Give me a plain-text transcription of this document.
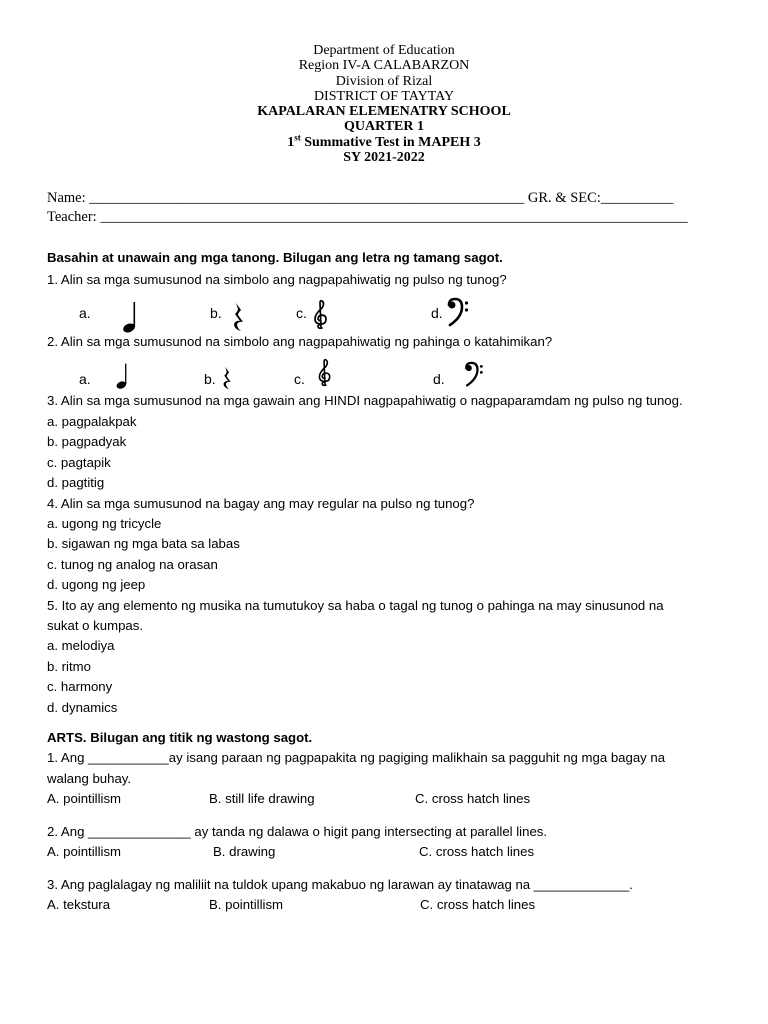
Department of Education
Region IV-A CALABARZON
Division of Rizal
DISTRICT OF TAYTAY
KAPALARAN ELEMENATRY SCHOOL
QUARTER 1
1st Summative Test in MAPEH 3
SY 2021-2022
Name: ____________________________________________________________ GR. & SEC:__________
Teacher: _________________________________________________________________________________
Basahin at unawain ang mga tanong. Bilugan ang letra ng tamang sagot.
1. Alin sa mga sumusunod na simbolo ang nagpapahiwatig ng pulso ng tunog?
a.	b.	c.	d.
2. Alin sa mga sumusunod na simbolo ang nagpapahiwatig ng pahinga o katahimikan?
a.	b.	c.	d.
3. Alin sa mga sumusunod na mga gawain ang HINDI nagpapahiwatig o nagpaparamdam ng pulso ng tunog.
a. pagpalakpak
b. pagpadyak
c. pagtapik
d. pagtitig
4. Alin sa mga sumusunod na bagay ang may regular na pulso ng tunog?
a. ugong ng tricycle
b. sigawan ng mga bata sa labas
c. tunog ng analog na orasan
d. ugong ng jeep
5. Ito ay ang elemento ng musika na tumutukoy sa haba o tagal ng tunog o pahinga na may sinusunod na
sukat o kumpas.
a. melodiya
b. ritmo
c. harmony
d. dynamics
ARTS. Bilugan ang titik ng wastong sagot.
1. Ang ___________ay isang paraan ng pagpapakita ng pagiging malikhain sa pagguhit ng mga bagay na
walang buhay.
A. pointillism	B. still life drawing	C. cross hatch lines
2. Ang ______________ ay tanda ng dalawa o higit pang intersecting at parallel lines.
A. pointillism	B. drawing	C. cross hatch lines
3. Ang paglalagay ng maliliit na tuldok upang makabuo ng larawan ay tinatawag na _____________.
A. tekstura	B. pointillism	C. cross hatch lines
